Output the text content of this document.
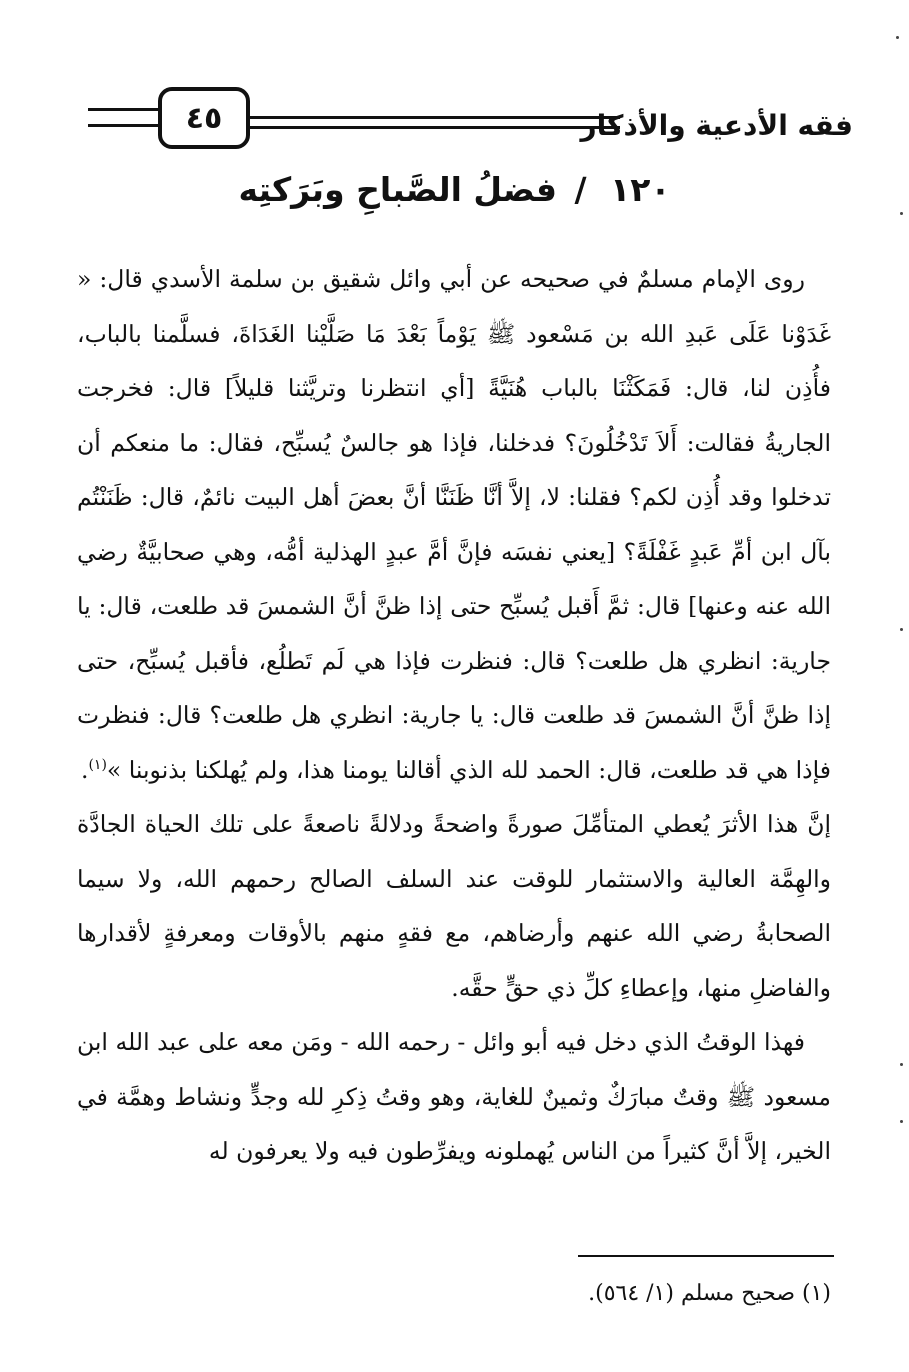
فقه الأدعية والأذكار
٤٥
١٢٠ / فضلُ الصَّباحِ وبَرَكتِه

روى الإمام مسلمٌ في صحيحه عن أبي وائل شقيق بن سلمة الأسدي قال: « غَدَوْنا عَلَى عَبدِ الله بن مَسْعود ﷺ يَوْماً بَعْدَ مَا صَلَّيْنا الغَدَاةَ، فسلَّمنا بالباب، فأُذِن لنا، قال: فَمَكَثْنَا بالباب هُنَيَّةً [أي انتظرنا وتريَّثنا قليلاً] قال: فخرجت الجاريةُ فقالت: أَلاَ تَدْخُلُونَ؟ فدخلنا، فإذا هو جالسٌ يُسبِّح، فقال: ما منعكم أن تدخلوا وقد أُذِن لكم؟ فقلنا: لا، إلاَّ أنَّا ظَنَنَّا أنَّ بعضَ أهل البيت نائمٌ، قال: ظَنَنْتُم بآل ابن أمِّ عَبدٍ غَفْلَةً؟ [يعني نفسَه فإنَّ أمَّ عبدٍ الهذلية أمُّه، وهي صحابيَّةٌ رضي الله عنه وعنها] قال: ثمَّ أَقبل يُسبِّح حتى إذا ظنَّ أنَّ الشمسَ قد طلعت، قال: يا جارية: انظري هل طلعت؟ قال: فنظرت فإذا هي لَم تَطلُع، فأقبل يُسبِّح، حتى إذا ظنَّ أنَّ الشمسَ قد طلعت قال: يا جارية: انظري هل طلعت؟ قال: فنظرت فإذا هي قد طلعت، قال: الحمد لله الذي أقالنا يومنا هذا، ولم يُهلكنا بذنوبنا »$^{(١)}$.

إنَّ هذا الأثرَ يُعطي المتأمِّلَ صورةً واضحةً ودلالةً ناصعةً على تلك الحياة الجادَّة والهِمَّة العالية والاستثمار للوقت عند السلف الصالح رحمهم الله، ولا سيما الصحابةُ رضي الله عنهم وأرضاهم، مع فقهٍ منهم بالأوقات ومعرفةٍ لأقدارها والفاضلِ منها، وإعطاءِ كلِّ ذي حقٍّ حقَّه.

فهذا الوقتُ الذي دخل فيه أبو وائل - رحمه الله - ومَن معه على عبد الله ابن مسعود ﷺ وقتٌ مبارَكٌ وثمينٌ للغاية، وهو وقتُ ذِكرِ لله وجدٍّ ونشاط وهمَّة في الخير، إلاَّ أنَّ كثيراً من الناس يُهملونه ويفرِّطون فيه ولا يعرفون له

(١) صحيح مسلم (١/ ٥٦٤).
